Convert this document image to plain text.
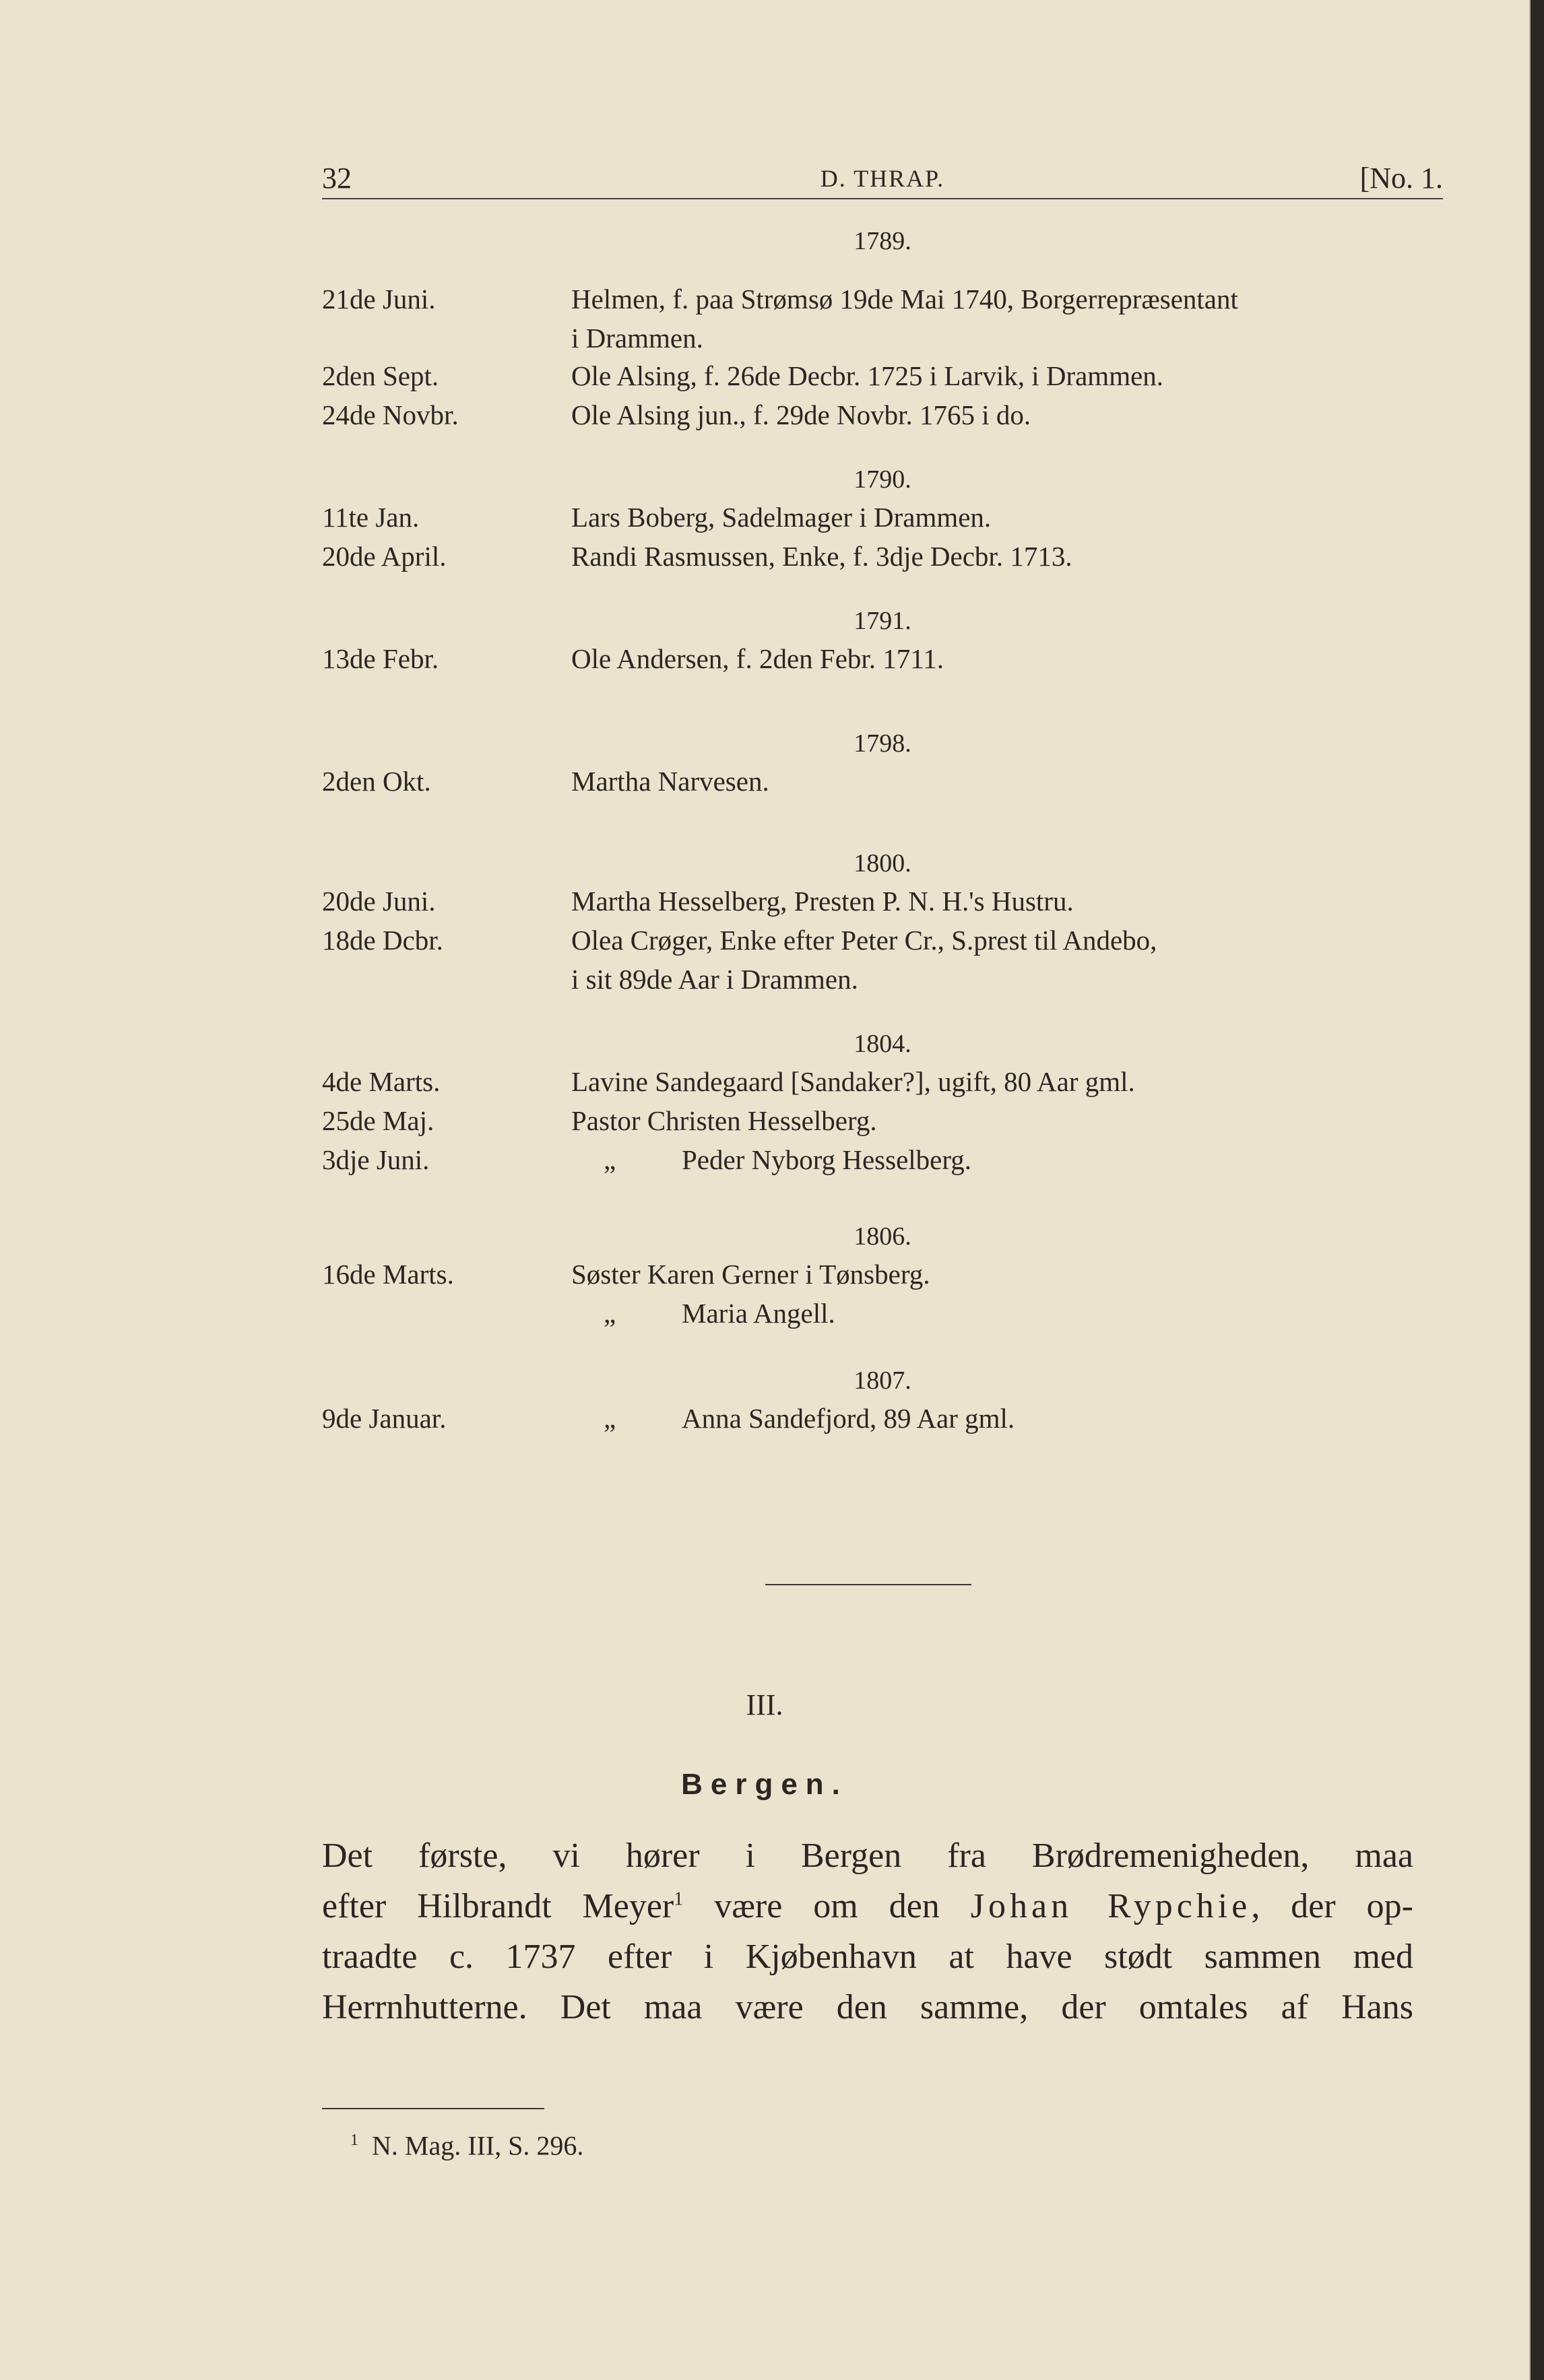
32	D. THRAP.	[No. 1.
1789.
21de Juni.	Helmen, f. paa Strømsø 19de Mai 1740, Borgerrepræsentant
i Drammen.
2den Sept.	Ole Alsing, f. 26de Decbr. 1725 i Larvik, i Drammen.
24de Novbr.	Ole Alsing jun., f. 29de Novbr. 1765 i do.
1790.
11te Jan.	Lars Boberg, Sadelmager i Drammen.
20de April.	Randi Rasmussen, Enke, f. 3dje Decbr. 1713.
1791.
13de Febr.	Ole Andersen, f. 2den Febr. 1711.
1798.
2den Okt.	Martha Narvesen.
1800.
20de Juni.	Martha Hesselberg, Presten P. N. H.'s Hustru.
18de Dcbr.	Olea Crøger, Enke efter Peter Cr., S.prest til Andebo,
i sit 89de Aar i Drammen.
1804.
4de Marts.	Lavine Sandegaard [Sandaker?], ugift, 80 Aar gml.
25de Maj.	Pastor Christen Hesselberg.
3dje Juni.	„ Peder Nyborg Hesselberg.
1806.
16de Marts.	Søster Karen Gerner i Tønsberg.
„ Maria Angell.
1807.
9de Januar.	„ Anna Sandefjord, 89 Aar gml.
III.
Bergen.
Det første, vi hører i Bergen fra Brødremenigheden, maa
efter Hilbrandt Meyer$^1$ være om den Johan Rypchie, der op-
traadte c. 1737 efter i Kjøbenhavn at have stødt sammen med
Herrnhutterne. Det maa være den samme, der omtales af Hans
$^1$ N. Mag. III, S. 296.
